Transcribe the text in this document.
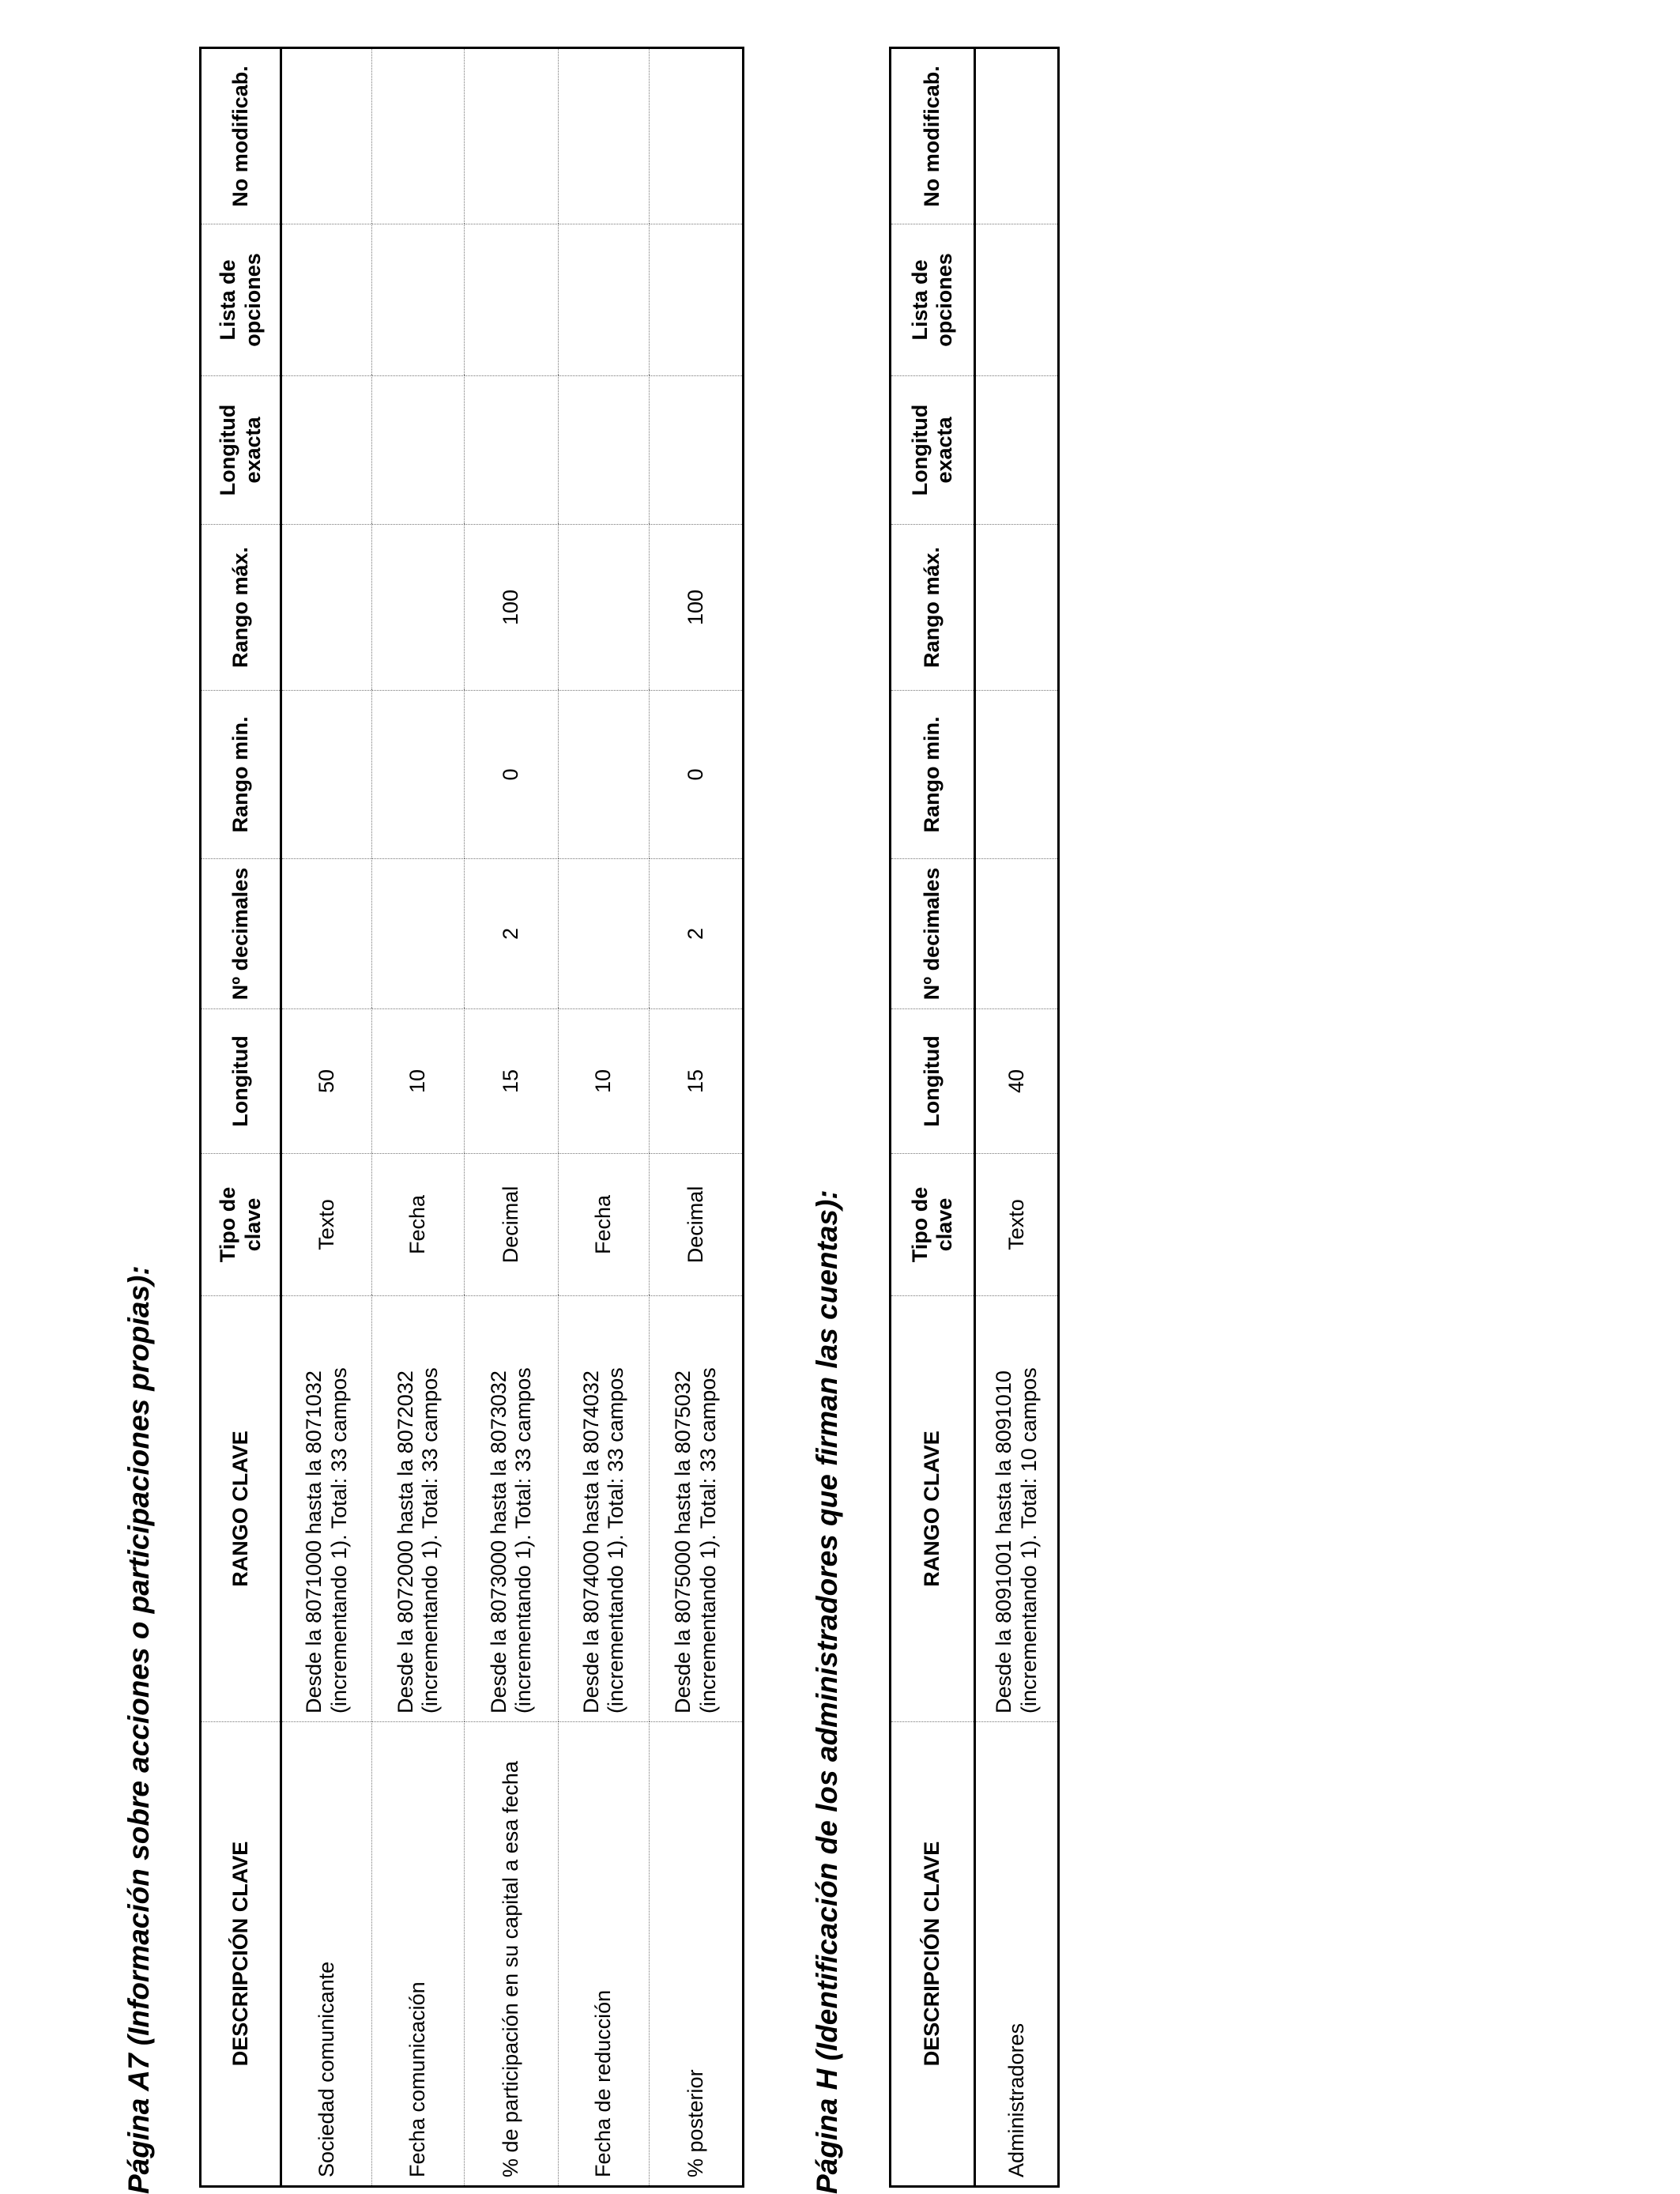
Página A7 (Información sobre acciones o participaciones propias):	DESCRIPCIÓN CLAVE	RANGO CLAVE	Tipo de clave	Longitud	Nº decimales	Rango min.	Rango máx.	Longitud exacta	Lista de opciones	No modificab.
Sociedad comunicante	Desde la 8071000 hasta la 8071032 (incrementando 1). Total: 33 campos	Texto	50						
Fecha comunicación	Desde la 8072000 hasta la 8072032 (incrementando 1). Total: 33 campos	Fecha	10						
% de participación en su capital a esa fecha	Desde la 8073000 hasta la 8073032 (incrementando 1). Total: 33 campos	Decimal	15	2	0	100			
Fecha de reducción	Desde la 8074000 hasta la 8074032 (incrementando 1). Total: 33 campos	Fecha	10						
% posterior	Desde la 8075000 hasta la 8075032 (incrementando 1). Total: 33 campos	Decimal	15	2	0	100			
Página H (Identificación de los administradores que firman las cuentas):	DESCRIPCIÓN CLAVE	RANGO CLAVE	Tipo de clave	Longitud	Nº decimales	Rango min.	Rango máx.	Longitud exacta	Lista de opciones	No modificab.
Administradores	Desde la 8091001 hasta la 8091010 (incrementando 1). Total: 10 campos	Texto	40						
